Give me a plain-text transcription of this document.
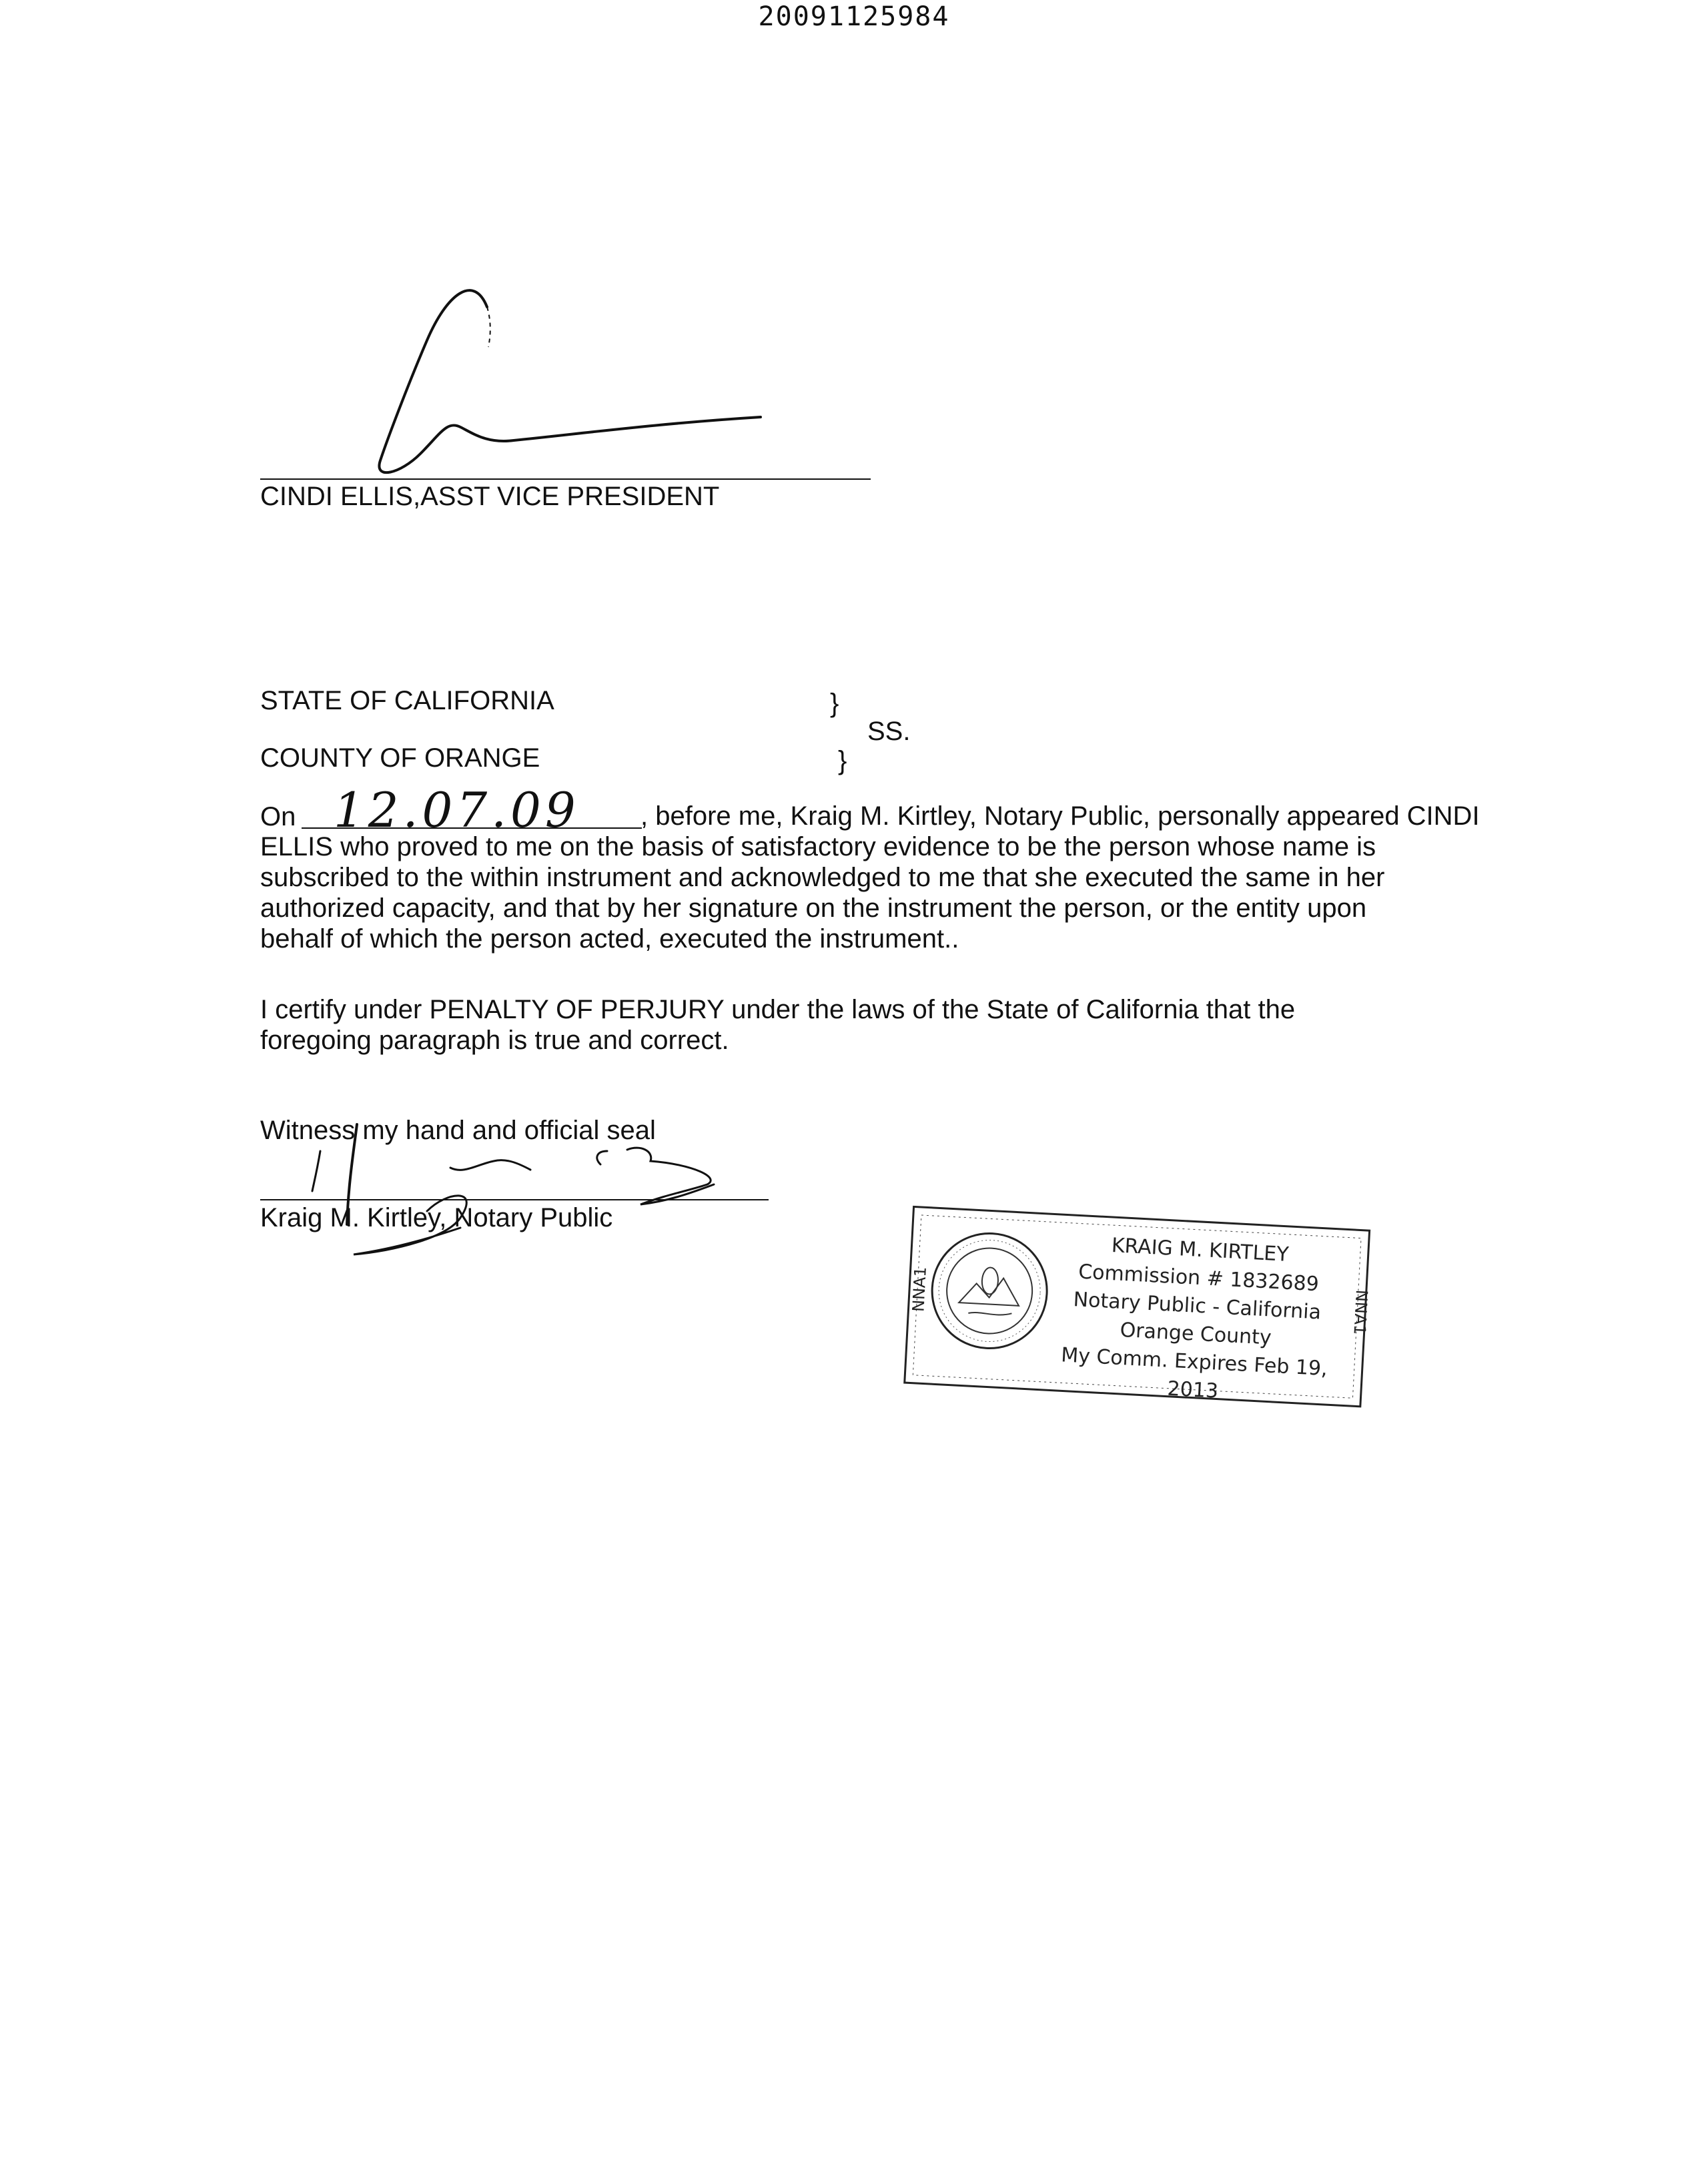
20091125984
CINDI ELLIS,ASST VICE PRESIDENT
STATE OF CALIFORNIA	}
SS.
COUNTY OF ORANGE	}
On 12.07.09	, before me, Kraig M. Kirtley, Notary Public, personally appeared CINDI

ELLIS who proved to me on the basis of satisfactory evidence to be the person whose name is

subscribed to the within instrument and acknowledged to me that she executed the same in her

authorized capacity, and that by her signature on the instrument the person, or the entity upon

behalf of which the person acted, executed the instrument..

I certify under PENALTY OF PERJURY under the laws of the State of California that the

foregoing paragraph is true and correct.

Witness my hand and official seal
Kraig M. Kirtley, Notary Public
KRAIG M. KIRTLEY
Commission # 1832689
Notary Public - California
Orange County
My Comm. Expires Feb 19, 2013
NNA1
NNA1
